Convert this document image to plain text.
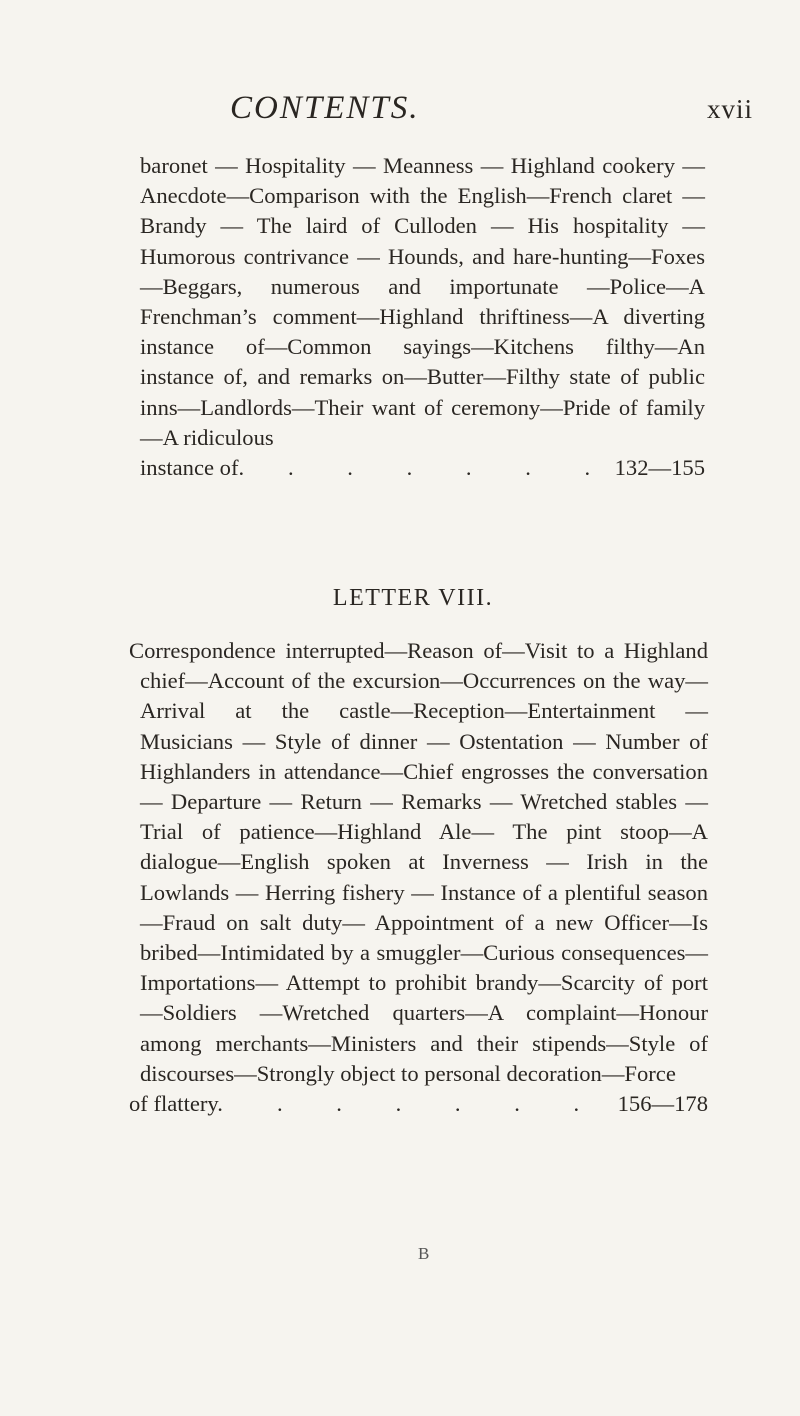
CONTENTS.	xvii
baronet — Hospitality — Meanness — Highland cookery —Anecdote—Comparison with the English—French claret — Brandy — The laird of Culloden — His hospitality — Humorous contrivance — Hounds, and hare-hunting—Foxes—Beggars, numerous and importunate —Police—A Frenchman’s comment—Highland thriftiness—A diverting instance of—Common sayings—Kitchens filthy—An instance of, and remarks on—Butter—Filthy state of public inns—Landlords—Their want of ceremony—Pride of family—A ridiculous
instance of. . . . . . . 132—155
LETTER VIII.
Correspondence interrupted—Reason of—Visit to a Highland chief—Account of the excursion—Occurrences on the way—Arrival at the castle—Reception—Entertainment — Musicians — Style of dinner — Ostentation — Number of Highlanders in attendance—Chief engrosses the conversation — Departure — Return — Remarks — Wretched stables —Trial of patience—Highland Ale— The pint stoop—A dialogue—English spoken at Inverness — Irish in the Lowlands — Herring fishery — Instance of a plentiful season—Fraud on salt duty— Appointment of a new Officer—Is bribed—Intimidated by a smuggler—Curious consequences—Importations— Attempt to prohibit brandy—Scarcity of port—Soldiers —Wretched quarters—A complaint—Honour among merchants—Ministers and their stipends—Style of discourses—Strongly object to personal decoration—Force
of flattery. . . . . . . 156—178
B
